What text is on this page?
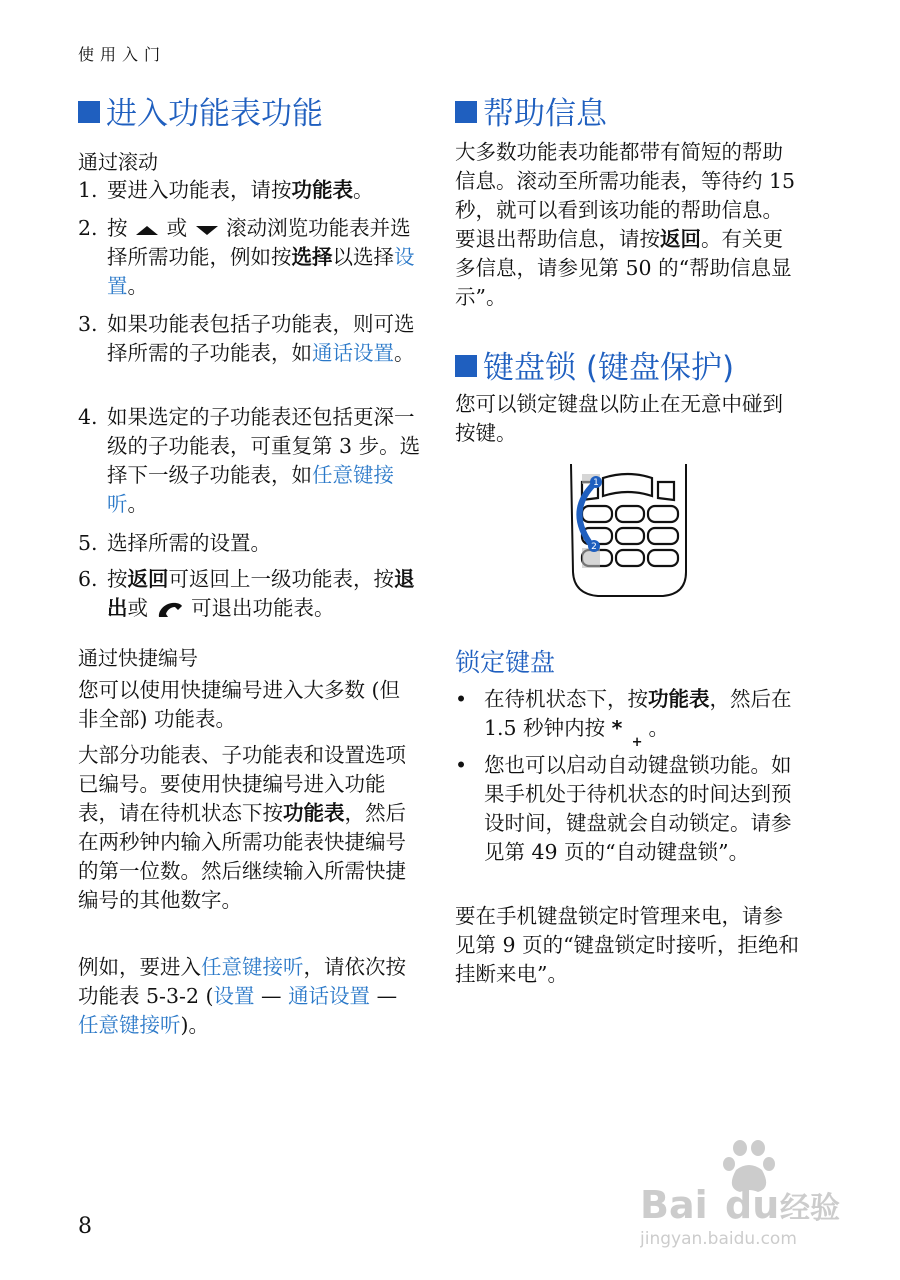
使用入门
进入功能表功能
通过滚动
1. 要进入功能表，请按功能表。
2. 按 或 滚动浏览功能表并选择所需功能，例如按选择以选择设置。
3. 如果功能表包括子功能表，则可选择所需的子功能表，如通话设置。
4. 如果选定的子功能表还包括更深一级的子功能表，可重复第 3 步。选择下一级子功能表，如任意键接听。
5. 选择所需的设置。
6. 按返回可返回上一级功能表，按退出或 可退出功能表。
通过快捷编号
您可以使用快捷编号进入大多数 (但非全部) 功能表。
大部分功能表、子功能表和设置选项已编号。要使用快捷编号进入功能表，请在待机状态下按功能表，然后在两秒钟内输入所需功能表快捷编号的第一位数。然后继续输入所需快捷编号的其他数字。
例如，要进入任意键接听，请依次按功能表 5-3-2 (设置 — 通话设置 — 任意键接听)。
帮助信息
大多数功能表功能都带有简短的帮助信息。滚动至所需功能表，等待约 15 秒，就可以看到该功能的帮助信息。要退出帮助信息，请按返回。有关更多信息，请参见第 50 的“帮助信息显示”。
键盘锁 (键盘保护)
您可以锁定键盘以防止在无意中碰到按键。
1
2
锁定键盘
• 在待机状态下，按功能表，然后在 1.5 秒钟内按 *
+
。
• 您也可以启动自动键盘锁功能。如果手机处于待机状态的时间达到预设时间，键盘就会自动锁定。请参见第 49 页的“自动键盘锁”。
要在手机键盘锁定时管理来电，请参见第 9 页的“键盘锁定时接听，拒绝和挂断来电”。
8	Bai du 经验
jingyan.baidu.com
